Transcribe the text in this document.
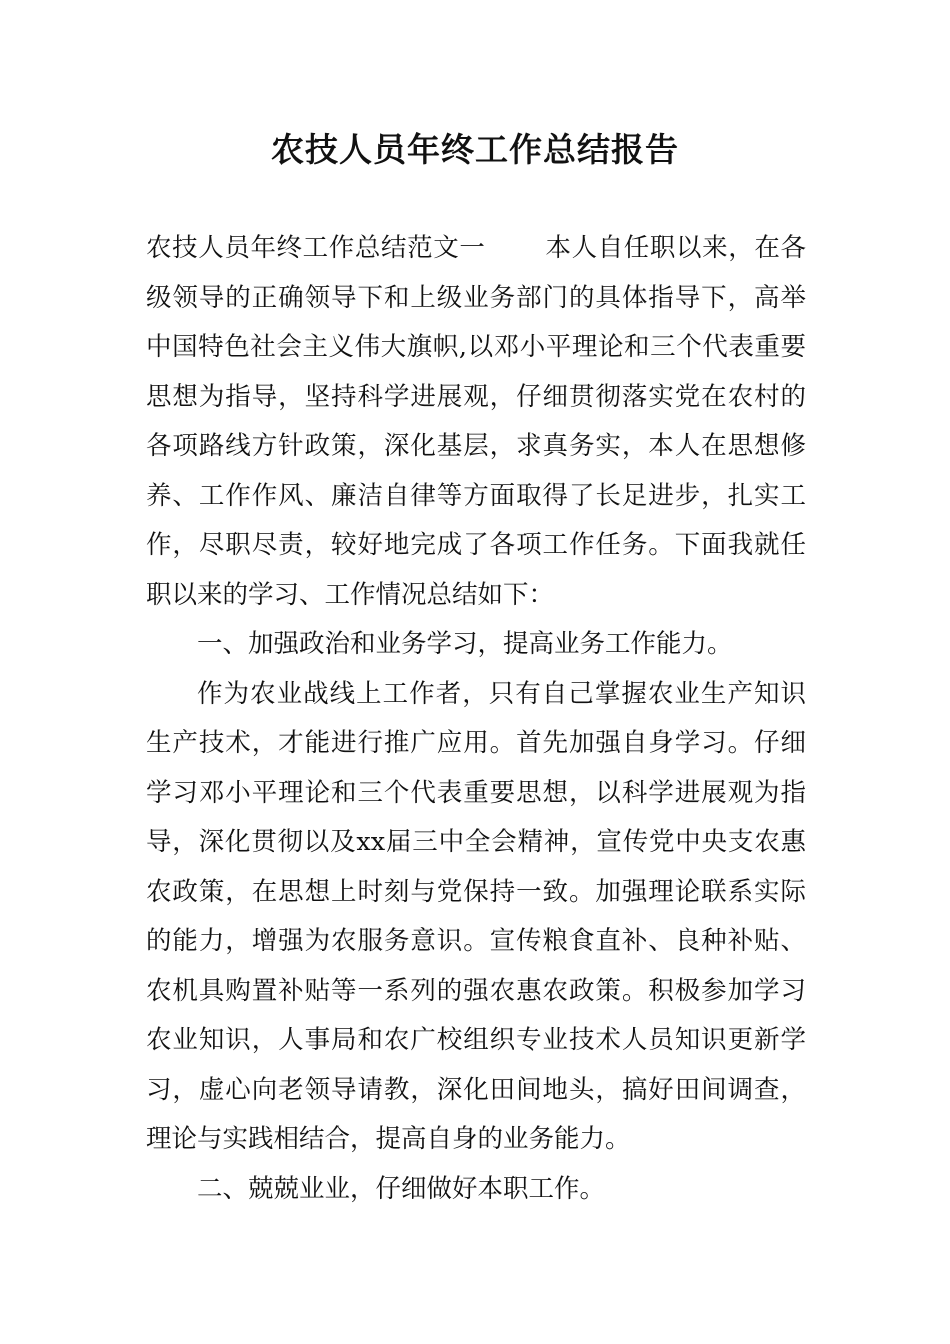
农技人员年终工作总结报告

农技人员年终工作总结范文一 本人自任职以来，在各级领导的正确领导下和上级业务部门的具体指导下，高举中国特色社会主义伟大旗帜,以邓小平理论和三个代表重要思想为指导，坚持科学进展观，仔细贯彻落实党在农村的各项路线方针政策，深化基层，求真务实，本人在思想修养、工作作风、廉洁自律等方面取得了长足进步，扎实工作，尽职尽责，较好地完成了各项工作任务。下面我就任职以来的学习、工作情况总结如下：

一、加强政治和业务学习，提高业务工作能力。

作为农业战线上工作者，只有自己掌握农业生产知识生产技术，才能进行推广应用。首先加强自身学习。仔细学习邓小平理论和三个代表重要思想，以科学进展观为指导，深化贯彻以及xx届三中全会精神，宣传党中央支农惠农政策，在思想上时刻与党保持一致。加强理论联系实际的能力，增强为农服务意识。宣传粮食直补、良种补贴、农机具购置补贴等一系列的强农惠农政策。积极参加学习农业知识，人事局和农广校组织专业技术人员知识更新学习，虚心向老领导请教，深化田间地头，搞好田间调查，理论与实践相结合，提高自身的业务能力。

二、兢兢业业，仔细做好本职工作。
